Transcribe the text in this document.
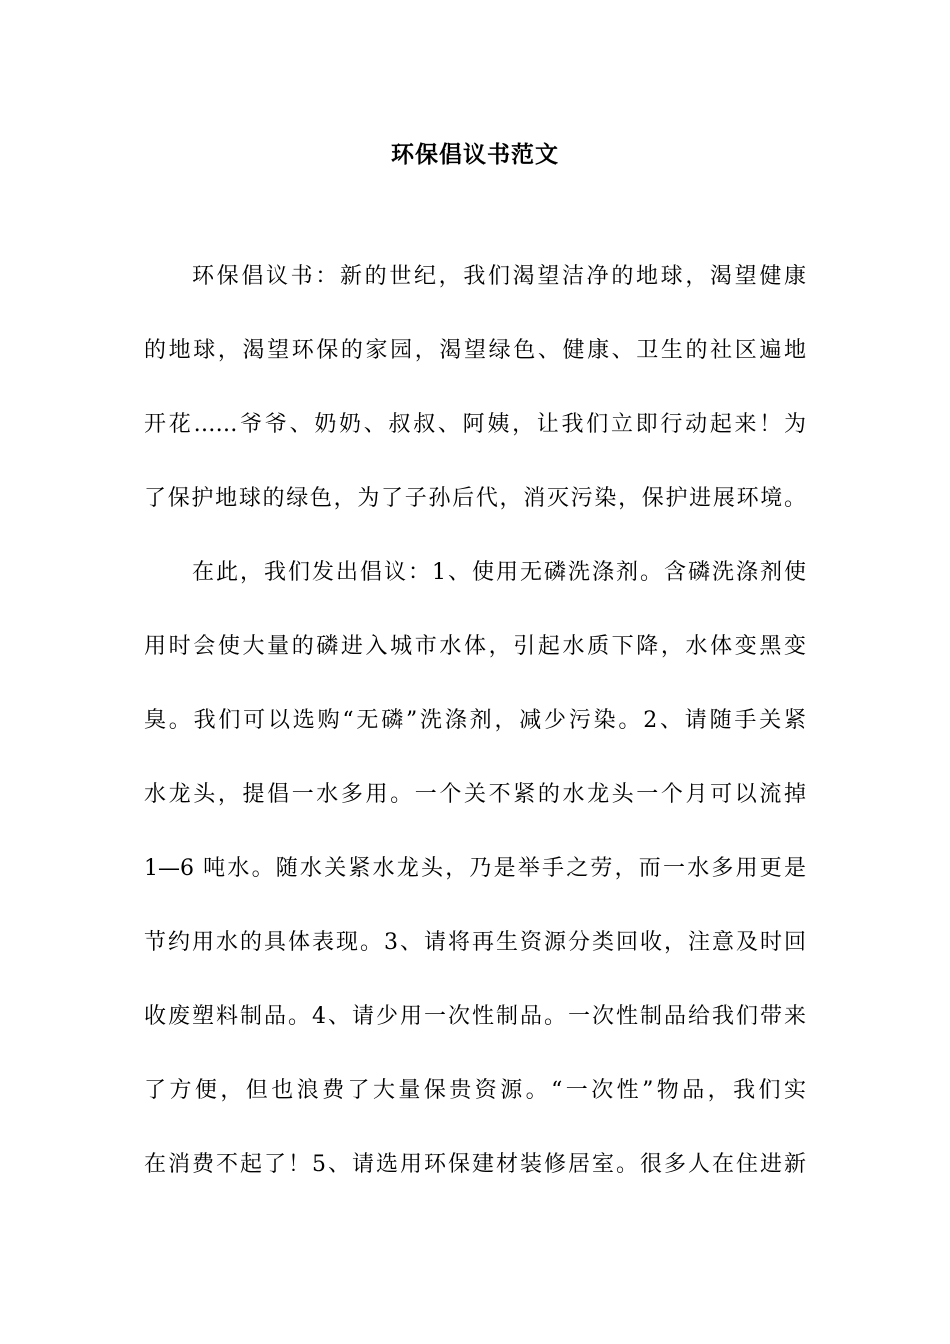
环保倡议书范文

环保倡议书：新的世纪，我们渴望洁净的地球，渴望健康

的地球，渴望环保的家园，渴望绿色、健康、卫生的社区遍地

开花……爷爷、奶奶、叔叔、阿姨，让我们立即行动起来！为

了保护地球的绿色，为了子孙后代，消灭污染，保护进展环境。

在此，我们发出倡议：1、使用无磷洗涤剂。含磷洗涤剂使

用时会使大量的磷进入城市水体，引起水质下降，水体变黑变

臭。我们可以选购“无磷”洗涤剂，减少污染。2、请随手关紧

水龙头，提倡一水多用。一个关不紧的水龙头一个月可以流掉

1—6 吨水。随水关紧水龙头，乃是举手之劳，而一水多用更是

节约用水的具体表现。3、请将再生资源分类回收，注意及时回

收废塑料制品。4、请少用一次性制品。一次性制品给我们带来

了方便，但也浪费了大量保贵资源。“一次性”物品，我们实

在消费不起了！5、请选用环保建材装修居室。很多人在住进新
